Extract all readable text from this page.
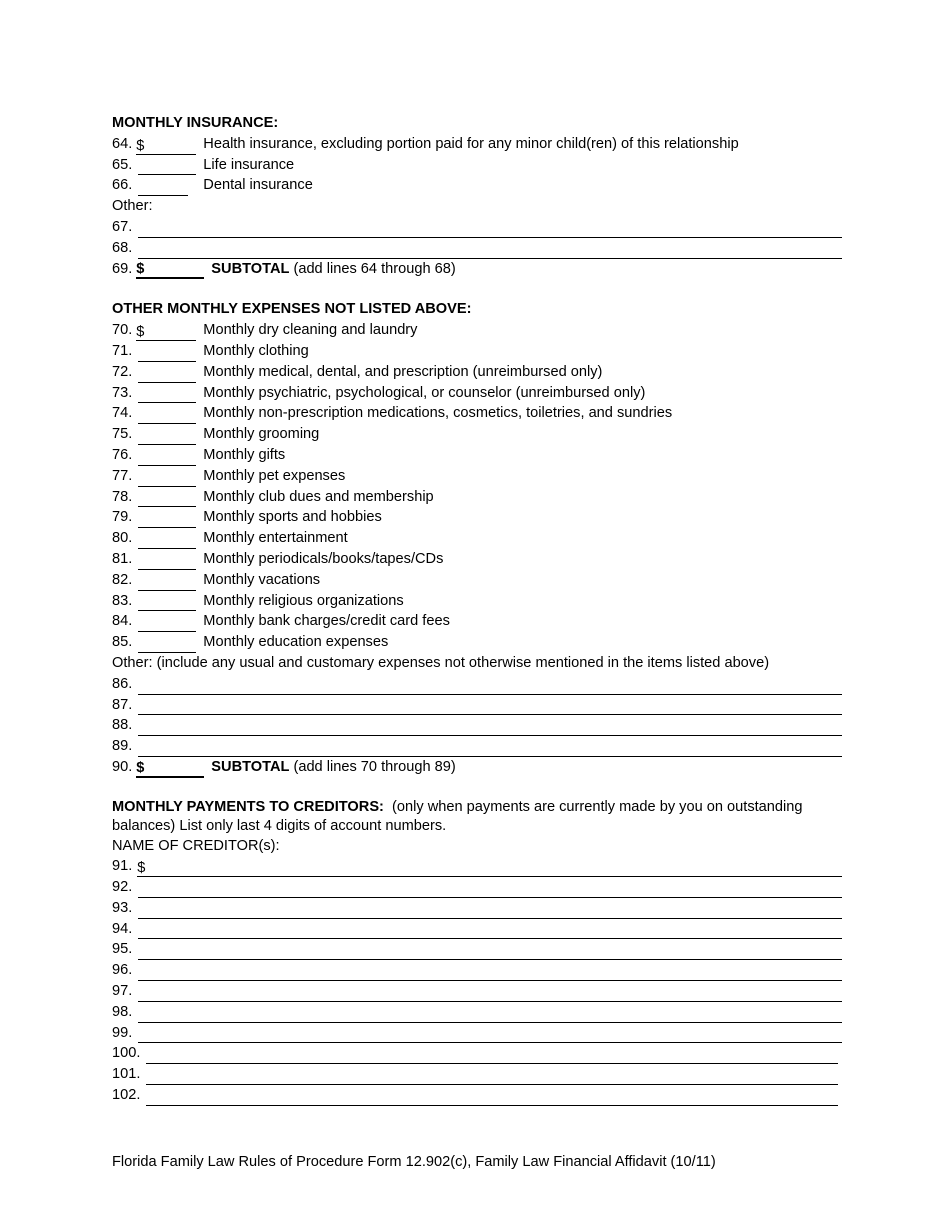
MONTHLY INSURANCE:
64. $	Health insurance, excluding portion paid for any minor child(ren) of this relationship
65.	Life insurance
66.	Dental insurance
Other:
67.
68.
69. $	SUBTOTAL
(add lines 64 through 68)
OTHER MONTHLY EXPENSES NOT LISTED ABOVE:
70. $	Monthly dry cleaning and laundry
71.	Monthly clothing
72.	Monthly medical, dental, and prescription (unreimbursed only)
73.	Monthly psychiatric, psychological, or counselor (unreimbursed only)
74.	Monthly non-prescription medications, cosmetics, toiletries, and sundries
75.	Monthly grooming
76.	Monthly gifts
77.	Monthly pet expenses
78.	Monthly club dues and membership
79.	Monthly sports and hobbies
80.	Monthly entertainment
81.	Monthly periodicals/books/tapes/CDs
82.	Monthly vacations
83.	Monthly religious organizations
84.	Monthly bank charges/credit card fees
85.	Monthly education expenses
Other: (include any usual and customary expenses not otherwise mentioned in the items listed above)
86.
87.
88.
89.
90. $	SUBTOTAL
(add lines 70 through 89)
MONTHLY PAYMENTS TO CREDITORS: (only when payments are currently made by you on outstanding balances) List only last 4 digits of account numbers.
NAME OF CREDITOR(s):
91. $
92.
93.
94.
95.
96.
97.
98.
99.
100.
101.
102.
Florida Family Law Rules of Procedure Form 12.902(c), Family Law Financial Affidavit (10/11)
